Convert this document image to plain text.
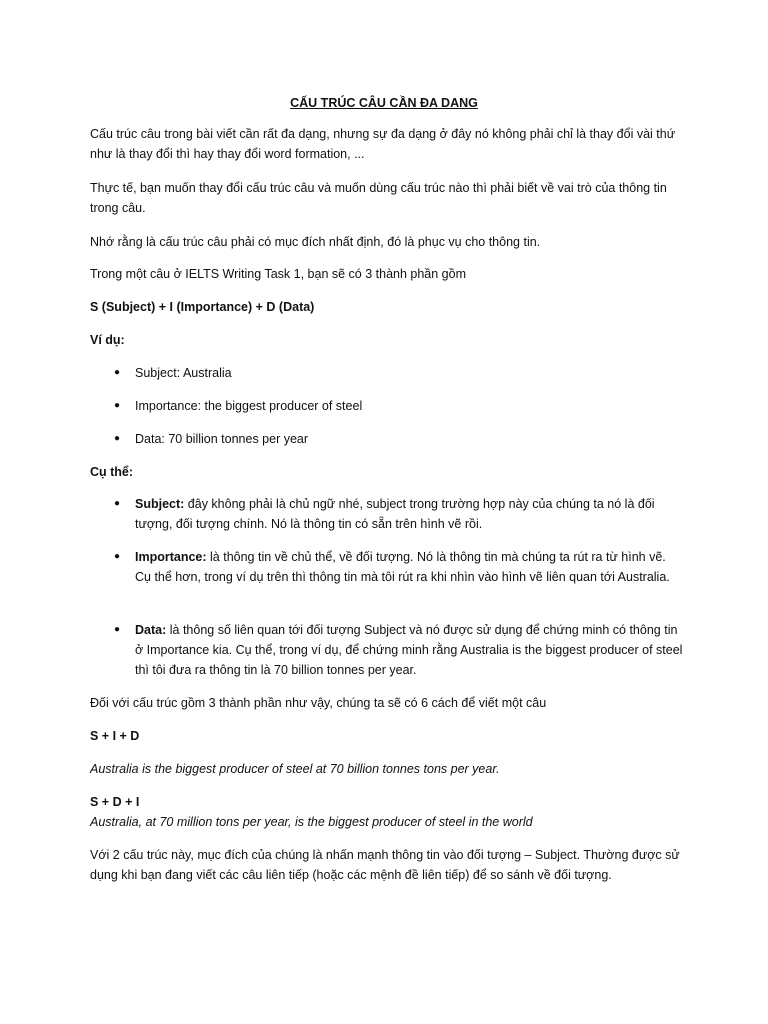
CẤU TRÚC CÂU CẦN ĐA DANG
Cấu trúc câu trong bài viết cần rất đa dạng, nhưng sự đa dạng ở đây nó không phải chỉ là thay đổi vài thứ như là thay đổi thì hay thay đổi word formation, ...
Thực tế, bạn muốn thay đổi cấu trúc câu và muốn dùng cấu trúc nào thì phải biết về vai trò của thông tin trong câu.
Nhớ rằng là cấu trúc câu phải có mục đích nhất định, đó là phục vụ cho thông tin.
Trong một câu ở IELTS Writing Task 1, bạn sẽ có 3 thành phần gồm
S (Subject) + I (Importance) + D (Data)
Ví dụ:
● Subject: Australia
● Importance: the biggest producer of steel
● Data: 70 billion tonnes per year
Cụ thể:
● Subject: đây không phải là chủ ngữ nhé, subject trong trường hợp này của chúng ta nó là đối tượng, đối tượng chính. Nó là thông tin có sẵn trên hình vẽ rồi.
● Importance: là thông tin về chủ thể, về đối tượng. Nó là thông tin mà chúng ta rút ra từ hình vẽ. Cụ thể hơn, trong ví dụ trên thì thông tin mà tôi rút ra khi nhìn vào hình vẽ liên quan tới Australia.
● Data: là thông số liên quan tới đối tượng Subject và nó được sử dụng để chứng minh có thông tin ở Importance kia. Cụ thể, trong ví dụ, để chứng minh rằng Australia is the biggest producer of steel thì tôi đưa ra thông tin là 70 billion tonnes per year.
Đối với cấu trúc gồm 3 thành phần như vậy, chúng ta sẽ có 6 cách để viết một câu
S + I + D
Australia is the biggest producer of steel at 70 billion tonnes tons per year.
S + D + I
Australia, at 70 million tons per year, is the biggest producer of steel in the world
Với 2 cấu trúc này, mục đích của chúng là nhấn mạnh thông tin vào đối tượng – Subject. Thường được sử dụng khi bạn đang viết các câu liên tiếp (hoặc các mệnh đề liên tiếp) để so sánh về đối tượng.
